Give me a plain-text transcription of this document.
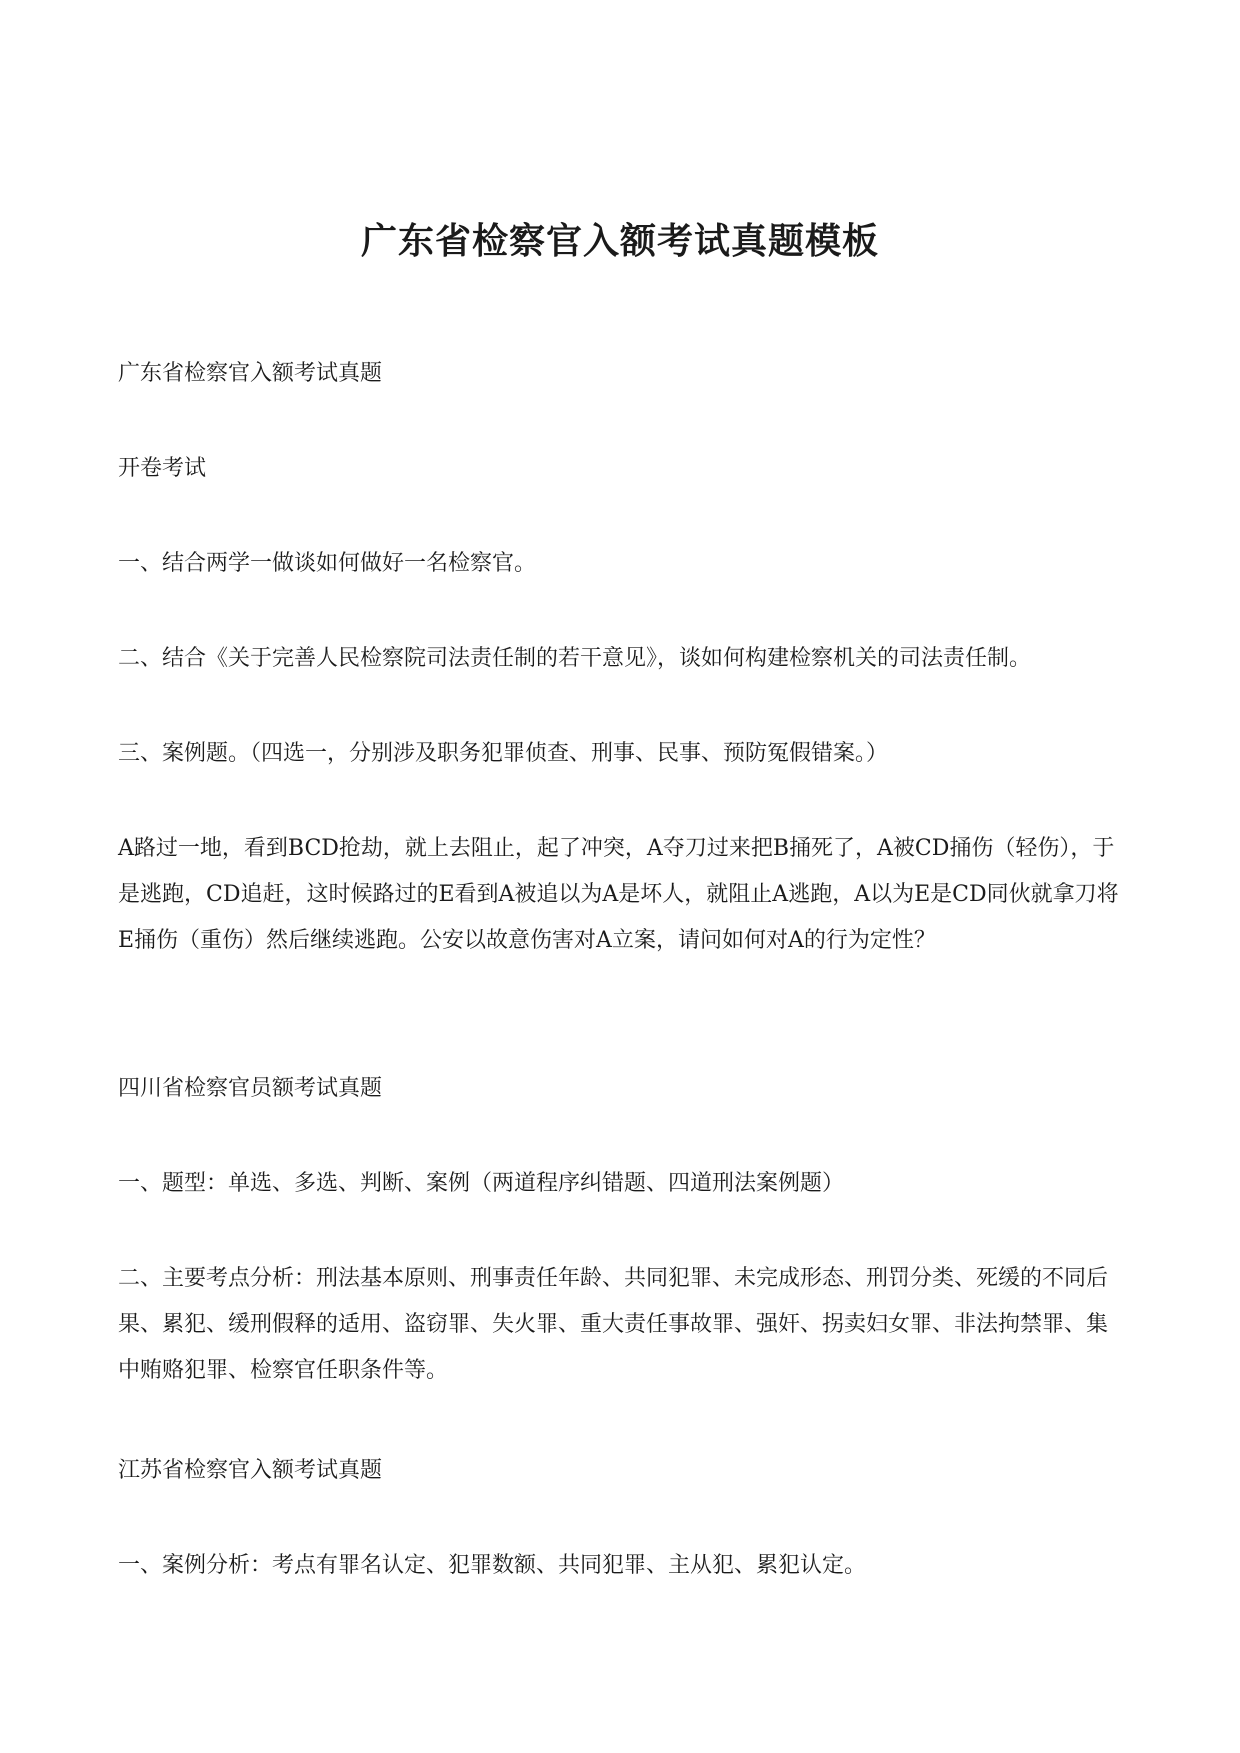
广东省检察官入额考试真题模板

广东省检察官入额考试真题

开卷考试

一、结合两学一做谈如何做好一名检察官。

二、结合《关于完善人民检察院司法责任制的若干意见》，谈如何构建检察机关的司法责任制。

三、案例题。（四选一，分别涉及职务犯罪侦查、刑事、民事、预防冤假错案。）

A路过一地，看到BCD抢劫，就上去阻止，起了冲突，A夺刀过来把B捅死了，A被CD捅伤（轻伤），于是逃跑，CD追赶，这时候路过的E看到A被追以为A是坏人，就阻止A逃跑，A以为E是CD同伙就拿刀将E捅伤（重伤）然后继续逃跑。公安以故意伤害对A立案，请问如何对A的行为定性？

四川省检察官员额考试真题

一、题型：单选、多选、判断、案例（两道程序纠错题、四道刑法案例题）

二、主要考点分析：刑法基本原则、刑事责任年龄、共同犯罪、未完成形态、刑罚分类、死缓的不同后果、累犯、缓刑假释的适用、盗窃罪、失火罪、重大责任事故罪、强奸、拐卖妇女罪、非法拘禁罪、集中贿赂犯罪、检察官任职条件等。

江苏省检察官入额考试真题

一、案例分析：考点有罪名认定、犯罪数额、共同犯罪、主从犯、累犯认定。
